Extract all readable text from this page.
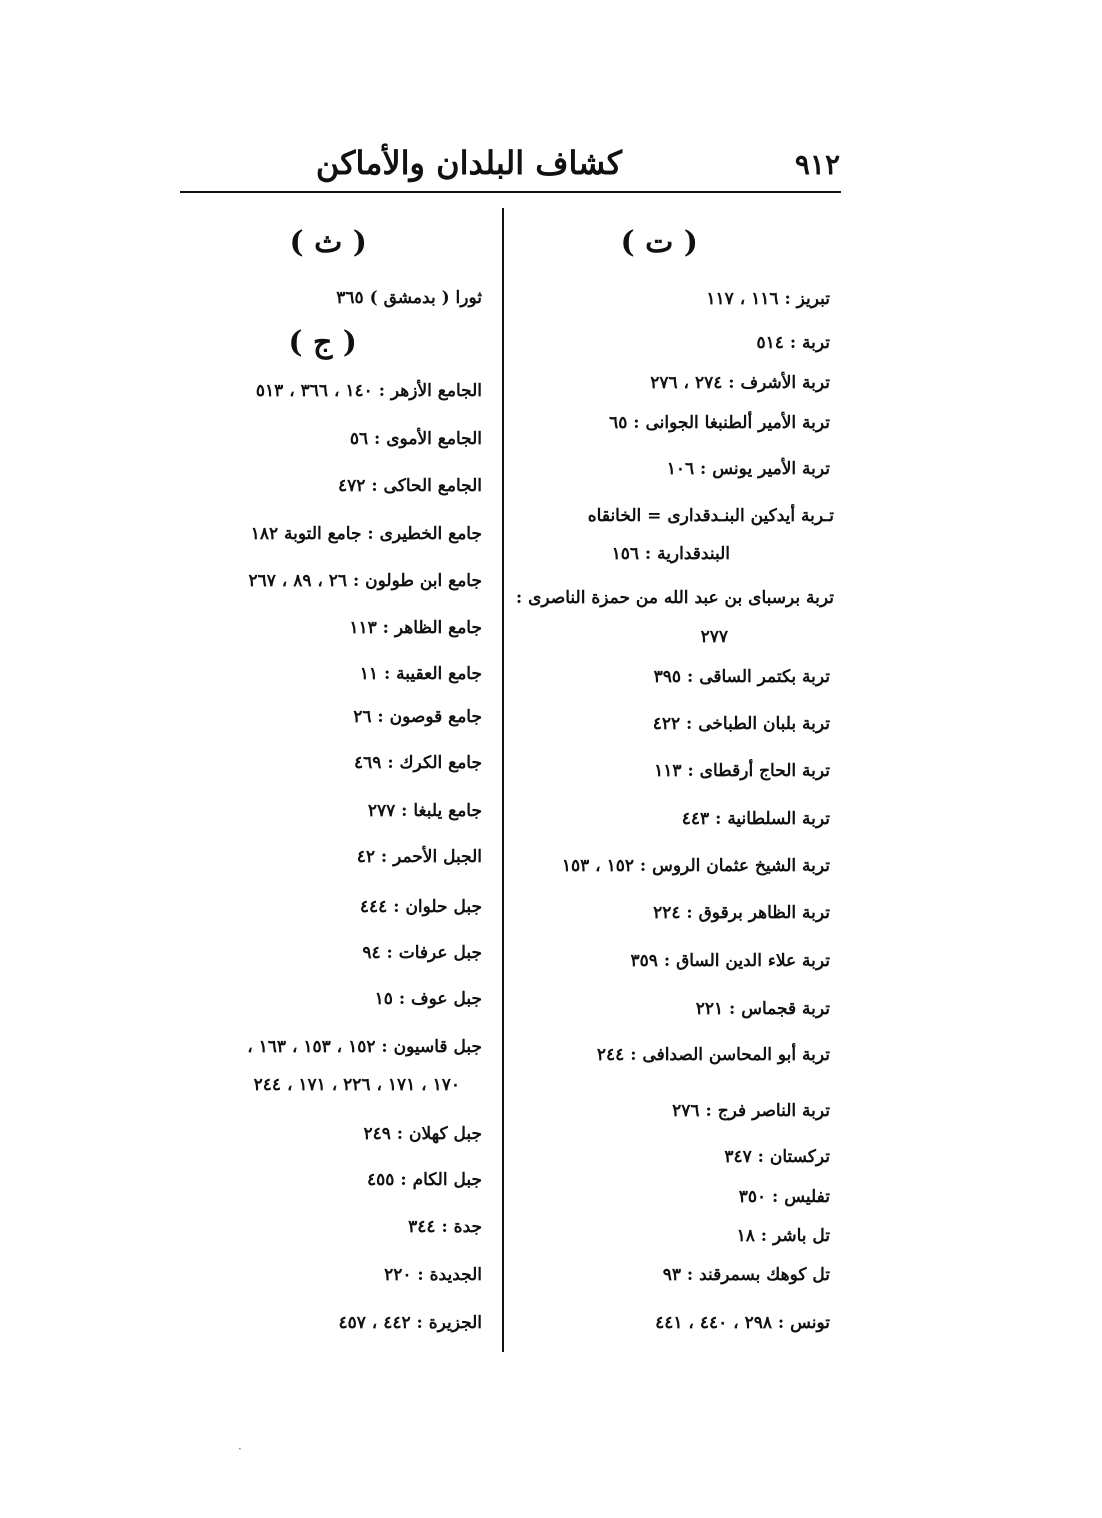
٩١٢
كشاف البلدان والأماكن
( ت )
تبريز : ١١٦ ، ١١٧
تربة : ٥١٤
تربة الأشرف : ٢٧٤ ، ٢٧٦
تربة الأمير ألطنبغا الجوانى : ٦٥
تربة الأمير يونس : ١٠٦
تـربة أيدكين البنـدقدارى = الخانقاه
البندقدارية : ١٥٦
تربة برسباى بن عبد الله من حمزة الناصرى :
٢٧٧
تربة بكتمر الساقى : ٣٩٥
تربة بلبان الطباخى : ٤٢٢
تربة الحاج أرقطاى : ١١٣
تربة السلطانية : ٤٤٣
تربة الشيخ عثمان الروس : ١٥٢ ، ١٥٣
تربة الظاهر برقوق : ٢٢٤
تربة علاء الدين الساق : ٣٥٩
تربة قجماس : ٢٢١
تربة أبو المحاسن الصدافى : ٢٤٤
تربة الناصر فرج : ٢٧٦
تركستان : ٣٤٧
تفليس : ٣٥٠
تل باشر : ١٨
تل كوهك بسمرقند : ٩٣
تونس : ٢٩٨ ، ٤٤٠ ، ٤٤١
( ث )
ثورا ( بدمشق ) ٣٦٥
( ج )
الجامع الأزهر : ١٤٠ ، ٣٦٦ ، ٥١٣
الجامع الأموى : ٥٦
الجامع الحاكى : ٤٧٢
جامع الخطيرى : جامع التوبة ١٨٢
جامع ابن طولون : ٢٦ ، ٨٩ ، ٢٦٧
جامع الظاهر : ١١٣
جامع العقيبة : ١١
جامع قوصون : ٢٦
جامع الكرك : ٤٦٩
جامع يلبغا : ٢٧٧
الجبل الأحمر : ٤٢
جبل حلوان : ٤٤٤
جبل عرفات : ٩٤
جبل عوف : ١٥
جبل قاسيون : ١٥٢ ، ١٥٣ ، ١٦٣ ،
١٧٠ ، ١٧١ ، ٢٢٦ ، ١٧١ ، ٢٤٤
جبل كهلان : ٢٤٩
جبل الكام : ٤٥٥
جدة : ٣٤٤
الجديدة : ٢٢٠
الجزيرة : ٤٤٢ ، ٤٥٧
·
